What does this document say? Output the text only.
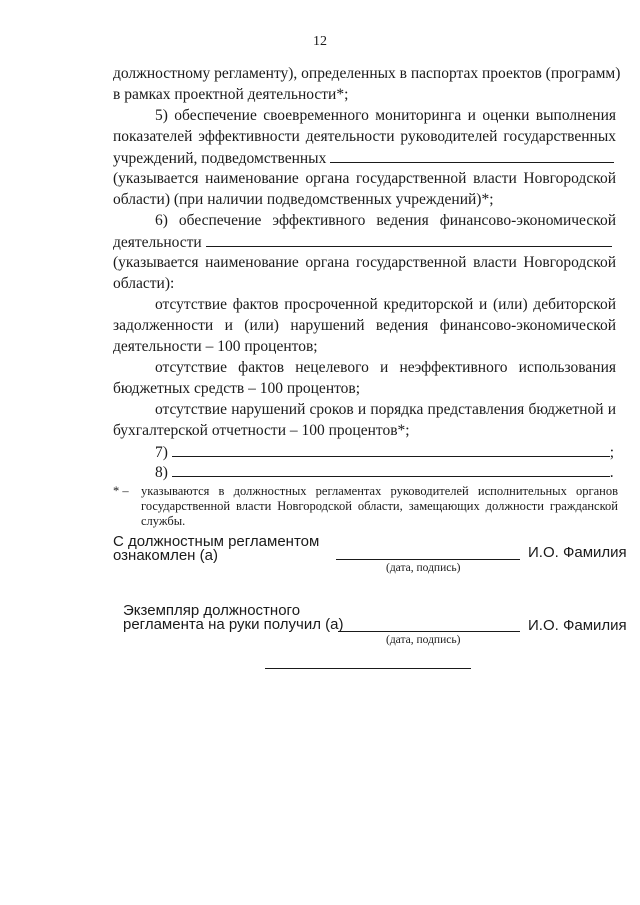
12
должностному регламенту), определенных в паспортах проектов (программ)
в рамках проектной деятельности*;
5) обеспечение своевременного мониторинга и оценки выполнения
показателей эффективности деятельности руководителей государственных
учреждений, подведомственных
(указывается наименование органа государственной власти Новгородской
области) (при наличии подведомственных учреждений)*;
6) обеспечение эффективного ведения финансово-экономической
деятельности
(указывается наименование органа государственной власти Новгородской
области):
отсутствие фактов просроченной кредиторской и (или) дебиторской
задолженности и (или) нарушений ведения финансово-экономической
деятельности – 100 процентов;
отсутствие фактов нецелевого и неэффективного использования
бюджетных средств – 100 процентов;
отсутствие нарушений сроков и порядка представления бюджетной и
бухгалтерской отчетности – 100 процентов*;
7)	;
8)	.
* – указываются в должностных регламентах руководителей исполнительных органов государственной власти Новгородской области, замещающих должности гражданской службы.
С должностным регламентом
ознакомлен (а)	И.О. Фамилия
(дата, подпись)
Экземпляр должностного
регламента на руки получил (а)	И.О. Фамилия
(дата, подпись)
